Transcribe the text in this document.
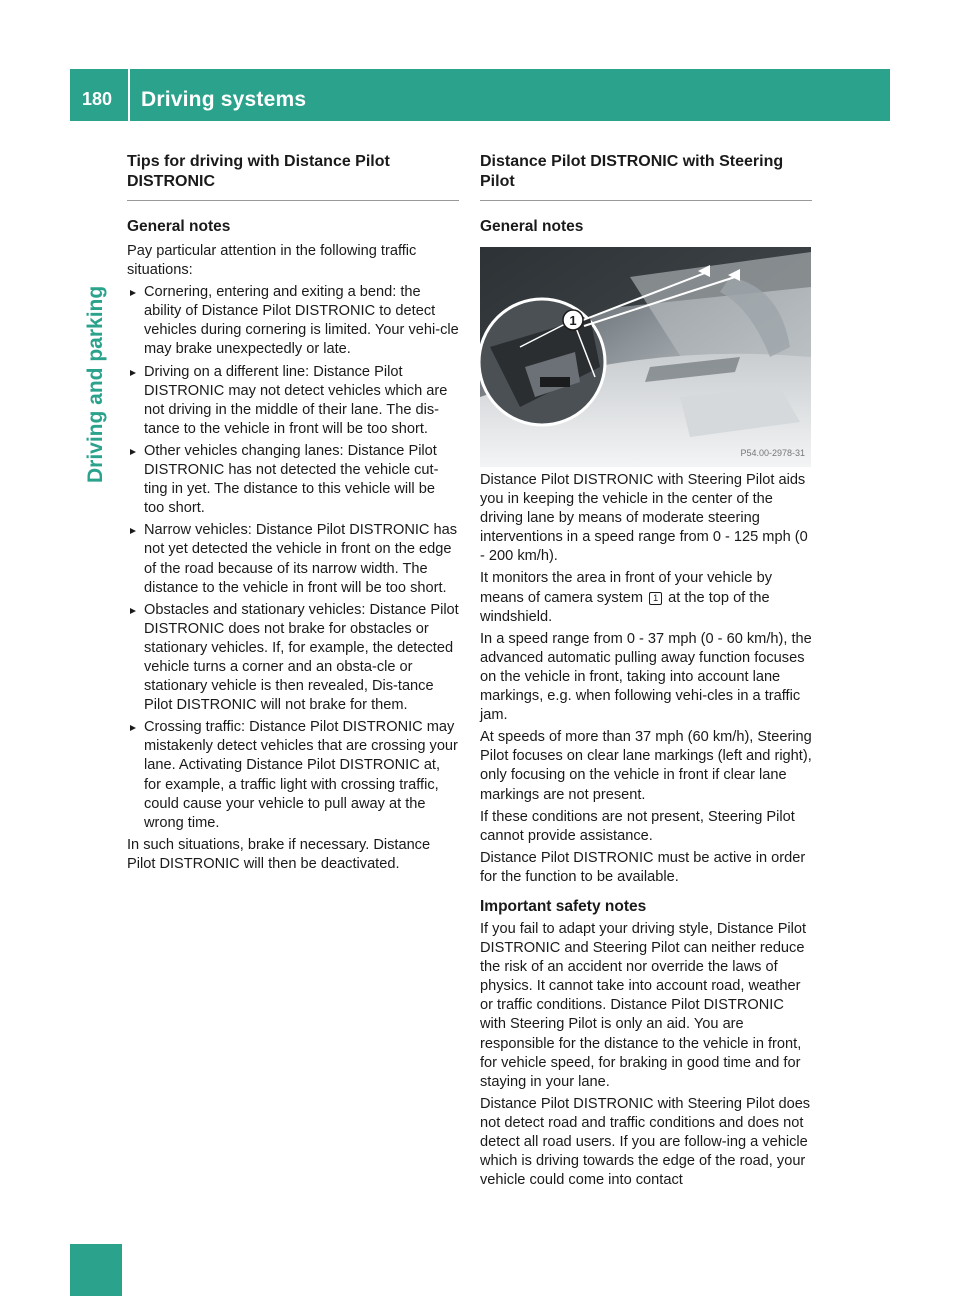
180	Driving systems
Driving and parking
Tips for driving with Distance Pilot DISTRONIC
General notes

Pay particular attention in the following traffic situations:

Cornering, entering and exiting a bend: the ability of Distance Pilot DISTRONIC to detect vehicles during cornering is limited. Your vehi-cle may brake unexpectedly or late.
Driving on a different line: Distance Pilot DISTRONIC may not detect vehicles which are not driving in the middle of their lane. The dis-tance to the vehicle in front will be too short.
Other vehicles changing lanes: Distance Pilot DISTRONIC has not detected the vehicle cut-ting in yet. The distance to this vehicle will be too short.
Narrow vehicles: Distance Pilot DISTRONIC has not yet detected the vehicle in front on the edge of the road because of its narrow width. The distance to the vehicle in front will be too short.
Obstacles and stationary vehicles: Distance Pilot DISTRONIC does not brake for obstacles or stationary vehicles. If, for example, the detected vehicle turns a corner and an obsta-cle or stationary vehicle is then revealed, Dis-tance Pilot DISTRONIC will not brake for them.
Crossing traffic: Distance Pilot DISTRONIC may mistakenly detect vehicles that are crossing your lane. Activating Distance Pilot DISTRONIC at, for example, a traffic light with crossing traffic, could cause your vehicle to pull away at the wrong time.

In such situations, brake if necessary. Distance Pilot DISTRONIC will then be deactivated.

Distance Pilot DISTRONIC with Steering Pilot
General notes
1
P54.00-2978-31

Distance Pilot DISTRONIC with Steering Pilot aids you in keeping the vehicle in the center of the driving lane by means of moderate steering interventions in a speed range from 0 - 125 mph (0 - 200 km/h).

It monitors the area in front of your vehicle by means of camera system 1 at the top of the windshield.

In a speed range from 0 - 37 mph (0 - 60 km/h), the advanced automatic pulling away function focuses on the vehicle in front, taking into account lane markings, e.g. when following vehi-cles in a traffic jam.

At speeds of more than 37 mph (60 km/h), Steering Pilot focuses on clear lane markings (left and right), only focusing on the vehicle in front if clear lane markings are not present.

If these conditions are not present, Steering Pilot cannot provide assistance.

Distance Pilot DISTRONIC must be active in order for the function to be available.

Important safety notes

If you fail to adapt your driving style, Distance Pilot DISTRONIC and Steering Pilot can neither reduce the risk of an accident nor override the laws of physics. It cannot take into account road, weather or traffic conditions. Distance Pilot DISTRONIC with Steering Pilot is only an aid. You are responsible for the distance to the vehicle in front, for vehicle speed, for braking in good time and for staying in your lane.

Distance Pilot DISTRONIC with Steering Pilot does not detect road and traffic conditions and does not detect all road users. If you are follow-ing a vehicle which is driving towards the edge of the road, your vehicle could come into contact
